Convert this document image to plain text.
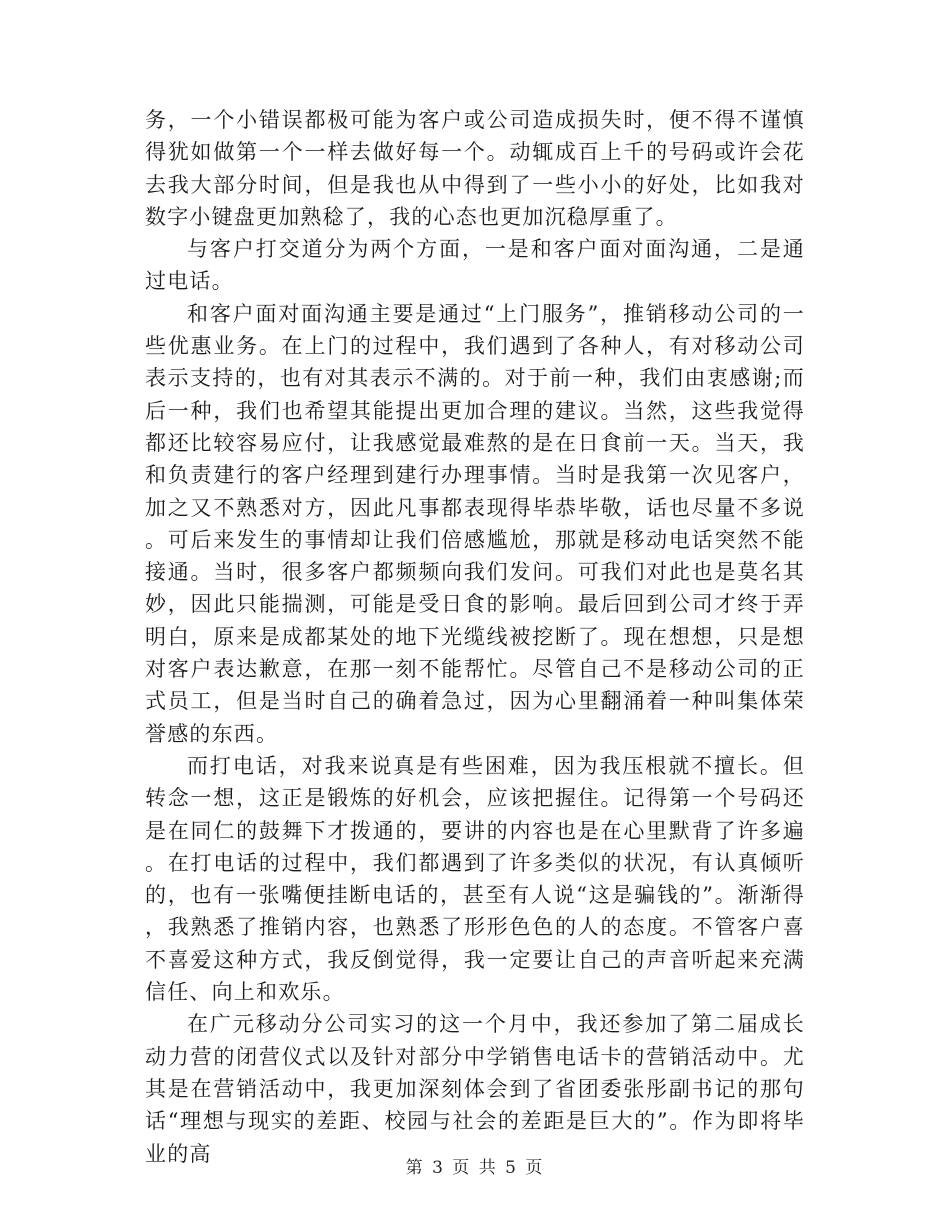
务，一个小错误都极可能为客户或公司造成损失时，便不得不谨慎得犹如做第一个一样去做好每一个。动辄成百上千的号码或许会花去我大部分时间，但是我也从中得到了一些小小的好处，比如我对数字小键盘更加熟稔了，我的心态也更加沉稳厚重了。

与客户打交道分为两个方面，一是和客户面对面沟通，二是通过电话。

和客户面对面沟通主要是通过“上门服务”，推销移动公司的一些优惠业务。在上门的过程中，我们遇到了各种人，有对移动公司表示支持的，也有对其表示不满的。对于前一种，我们由衷感谢;而后一种，我们也希望其能提出更加合理的建议。当然，这些我觉得都还比较容易应付，让我感觉最难熬的是在日食前一天。当天，我和负责建行的客户经理到建行办理事情。当时是我第一次见客户，加之又不熟悉对方，因此凡事都表现得毕恭毕敬，话也尽量不多说。可后来发生的事情却让我们倍感尴尬，那就是移动电话突然不能接通。当时，很多客户都频频向我们发问。可我们对此也是莫名其妙，因此只能揣测，可能是受日食的影响。最后回到公司才终于弄明白，原来是成都某处的地下光缆线被挖断了。现在想想，只是想对客户表达歉意，在那一刻不能帮忙。尽管自己不是移动公司的正式员工，但是当时自己的确着急过，因为心里翻涌着一种叫集体荣誉感的东西。

而打电话，对我来说真是有些困难，因为我压根就不擅长。但转念一想，这正是锻炼的好机会，应该把握住。记得第一个号码还是在同仁的鼓舞下才拨通的，要讲的内容也是在心里默背了许多遍。在打电话的过程中，我们都遇到了许多类似的状况，有认真倾听的，也有一张嘴便挂断电话的，甚至有人说“这是骗钱的”。渐渐得，我熟悉了推销内容，也熟悉了形形色色的人的态度。不管客户喜不喜爱这种方式，我反倒觉得，我一定要让自己的声音听起来充满信任、向上和欢乐。

在广元移动分公司实习的这一个月中，我还参加了第二届成长动力营的闭营仪式以及针对部分中学销售电话卡的营销活动中。尤其是在营销活动中，我更加深刻体会到了省团委张彤副书记的那句话“理想与现实的差距、校园与社会的差距是巨大的”。作为即将毕业的高

第 3 页 共 5 页
